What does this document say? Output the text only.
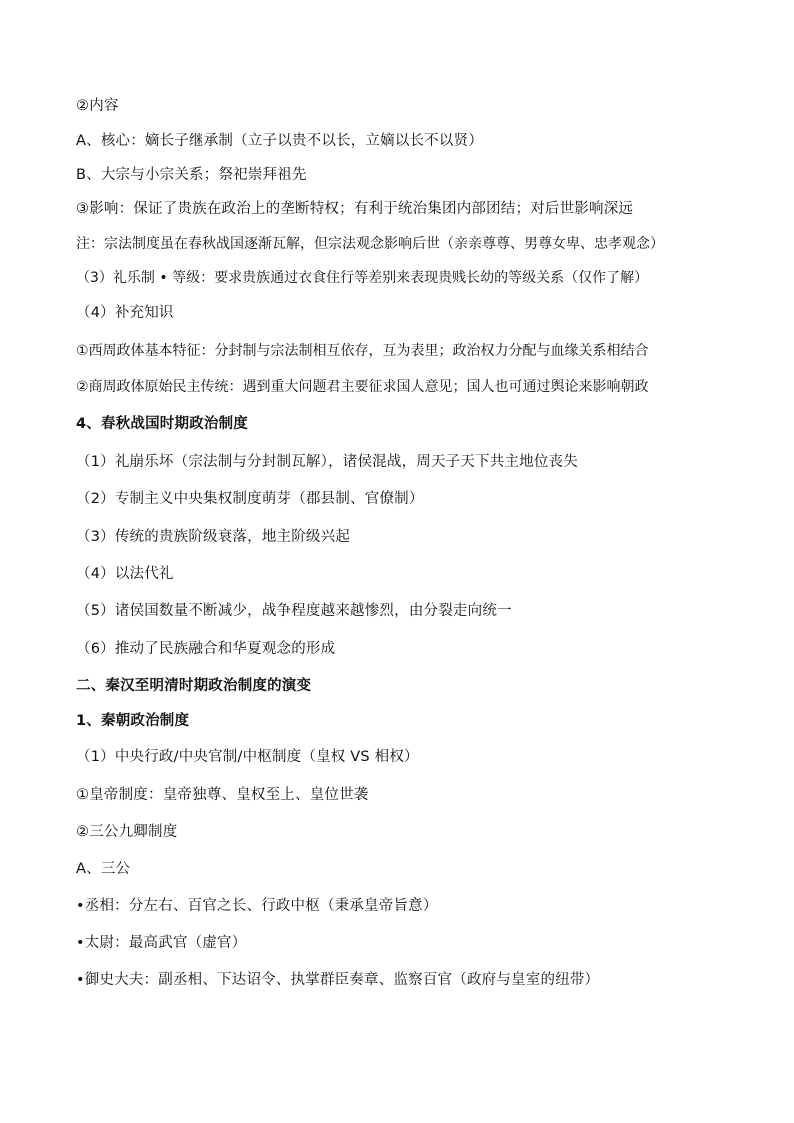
②内容
A、核心：嫡长子继承制（立子以贵不以长，立嫡以长不以贤）
B、大宗与小宗关系；祭祀崇拜祖先
③影响：保证了贵族在政治上的垄断特权；有利于统治集团内部团结；对后世影响深远
注：宗法制度虽在春秋战国逐渐瓦解，但宗法观念影响后世（亲亲尊尊、男尊女卑、忠孝观念）
（3）礼乐制 • 等级：要求贵族通过衣食住行等差别来表现贵贱长幼的等级关系（仅作了解）
（4）补充知识
①西周政体基本特征：分封制与宗法制相互依存，互为表里；政治权力分配与血缘关系相结合
②商周政体原始民主传统：遇到重大问题君主要征求国人意见；国人也可通过舆论来影响朝政
4、春秋战国时期政治制度
（1）礼崩乐坏（宗法制与分封制瓦解），诸侯混战，周天子天下共主地位丧失
（2）专制主义中央集权制度萌芽（郡县制、官僚制）
（3）传统的贵族阶级衰落，地主阶级兴起
（4）以法代礼
（5）诸侯国数量不断减少，战争程度越来越惨烈，由分裂走向统一
（6）推动了民族融合和华夏观念的形成
二、秦汉至明清时期政治制度的演变
1、秦朝政治制度
（1）中央行政/中央官制/中枢制度（皇权 VS 相权）
①皇帝制度：皇帝独尊、皇权至上、皇位世袭
②三公九卿制度
A、三公
•丞相：分左右、百官之长、行政中枢（秉承皇帝旨意）
•太尉：最高武官（虚官）
•御史大夫：副丞相、下达诏令、执掌群臣奏章、监察百官（政府与皇室的纽带）
